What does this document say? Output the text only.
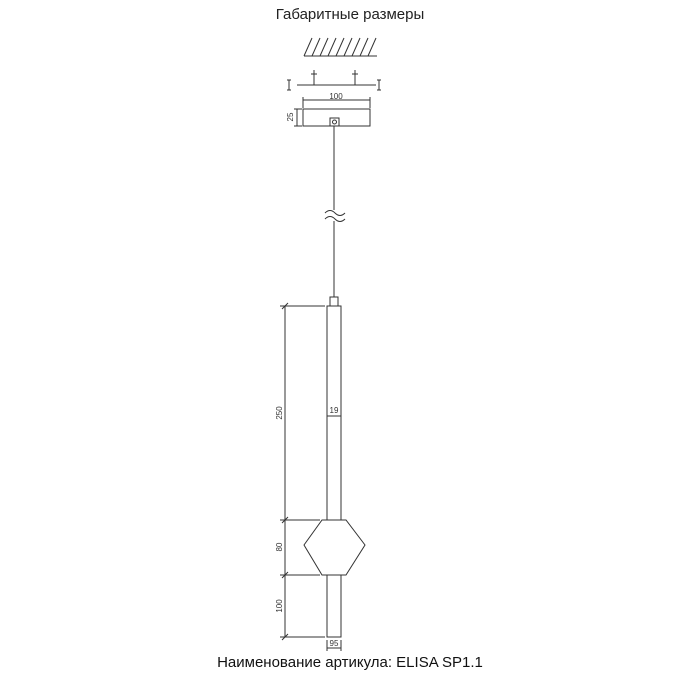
Габаритные размеры
100
25
19
250
80
100
95
Наименование артикула: ELISA SP1.1
